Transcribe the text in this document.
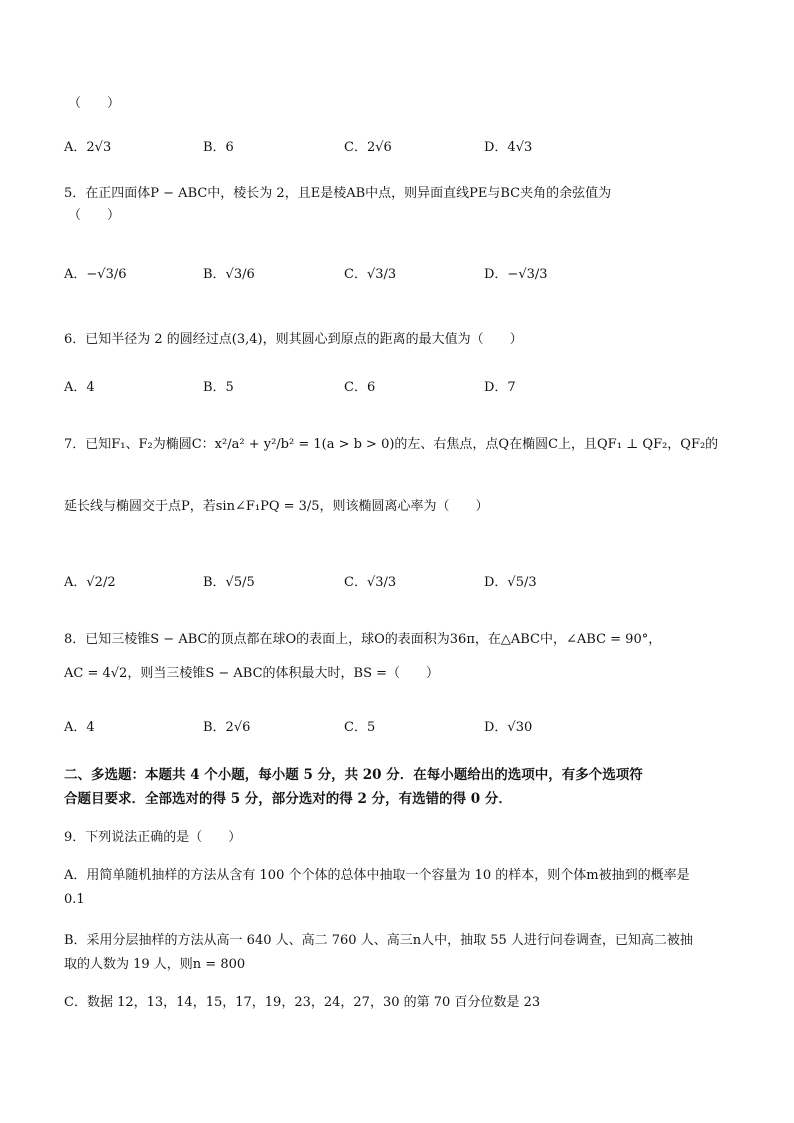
（　　）
A．2√3	B．6	C．2√6	D．4√3
5．在正四面体P − ABC中，棱长为 2，且E是棱AB中点，则异面直线PE与BC夹角的余弦值为
（　　）
A．−√3/6	B．√3/6	C．√3/3	D．−√3/3
6．已知半径为 2 的圆经过点(3,4)，则其圆心到原点的距离的最大值为（　　）
A．4	B．5	C．6	D．7
7．已知F₁、F₂为椭圆C：x²/a² + y²/b² = 1(a > b > 0)的左、右焦点，点Q在椭圆C上，且QF₁ ⊥ QF₂，QF₂的
延长线与椭圆交于点P，若sin∠F₁PQ = 3/5，则该椭圆离心率为（　　）
A．√2/2	B．√5/5	C．√3/3	D．√5/3
8．已知三棱锥S − ABC的顶点都在球O的表面上，球O的表面积为36π，在△ABC中，∠ABC = 90°，
AC = 4√2，则当三棱锥S − ABC的体积最大时，BS =（　　）
A．4	B．2√6	C．5	D．√30
二、多选题：本题共 4 个小题，每小题 5 分，共 20 分．在每小题给出的选项中，有多个选项符
合题目要求．全部选对的得 5 分，部分选对的得 2 分，有选错的得 0 分．
9．下列说法正确的是（　　）
A．用简单随机抽样的方法从含有 100 个个体的总体中抽取一个容量为 10 的样本，则个体m被抽到的概率是
0.1
B．采用分层抽样的方法从高一 640 人、高二 760 人、高三n人中，抽取 55 人进行问卷调查，已知高二被抽
取的人数为 19 人，则n = 800
C．数据 12，13，14，15，17，19，23，24，27，30 的第 70 百分位数是 23
